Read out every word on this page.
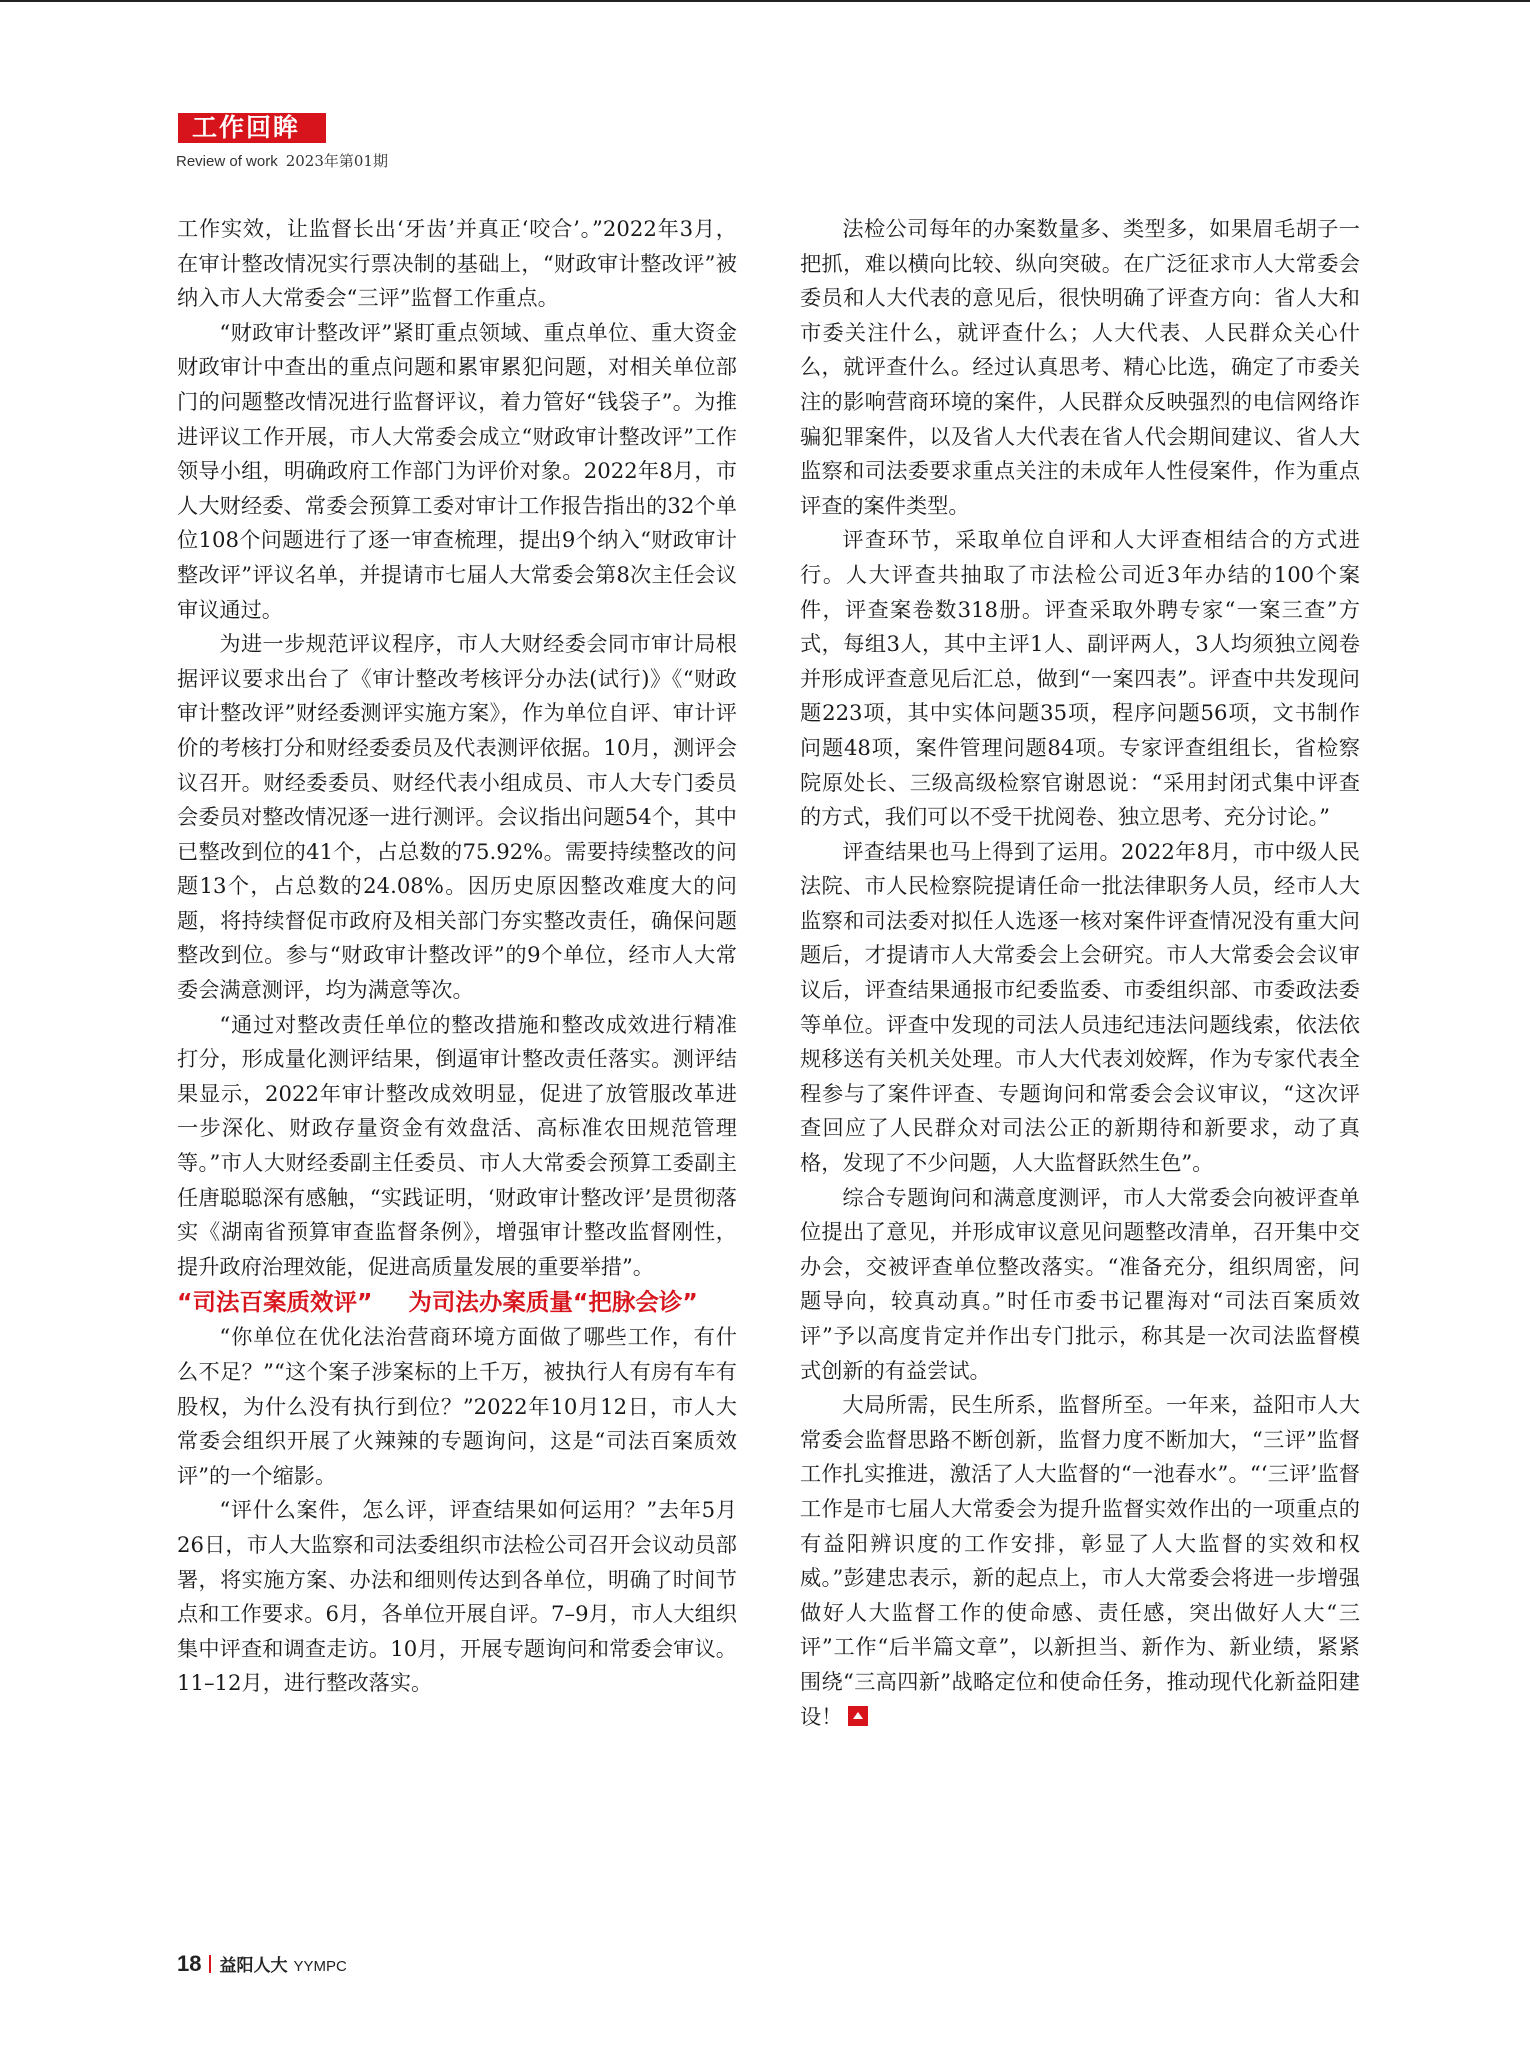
工作回眸
Review of work 2023年第01期

工作实效，让监督长出‘牙齿’并真正‘咬合’。”2022年3月，在审计整改情况实行票决制的基础上，“财政审计整改评”被纳入市人大常委会“三评”监督工作重点。

“财政审计整改评”紧盯重点领域、重点单位、重大资金财政审计中查出的重点问题和累审累犯问题，对相关单位部门的问题整改情况进行监督评议，着力管好“钱袋子”。为推进评议工作开展，市人大常委会成立“财政审计整改评”工作领导小组，明确政府工作部门为评价对象。2022年8月，市人大财经委、常委会预算工委对审计工作报告指出的32个单位108个问题进行了逐一审查梳理，提出9个纳入“财政审计整改评”评议名单，并提请市七届人大常委会第8次主任会议审议通过。

为进一步规范评议程序，市人大财经委会同市审计局根据评议要求出台了《审计整改考核评分办法(试行)》《“财政审计整改评”财经委测评实施方案》，作为单位自评、审计评价的考核打分和财经委委员及代表测评依据。10月，测评会议召开。财经委委员、财经代表小组成员、市人大专门委员会委员对整改情况逐一进行测评。会议指出问题54个，其中已整改到位的41个，占总数的75.92%。需要持续整改的问题13个，占总数的24.08%。因历史原因整改难度大的问题，将持续督促市政府及相关部门夯实整改责任，确保问题整改到位。参与“财政审计整改评”的9个单位，经市人大常委会满意测评，均为满意等次。

“通过对整改责任单位的整改措施和整改成效进行精准打分，形成量化测评结果，倒逼审计整改责任落实。测评结果显示，2022年审计整改成效明显，促进了放管服改革进一步深化、财政存量资金有效盘活、高标准农田规范管理等。”市人大财经委副主任委员、市人大常委会预算工委副主任唐聪聪深有感触，“实践证明，‘财政审计整改评’是贯彻落实《湖南省预算审查监督条例》，增强审计整改监督刚性，提升政府治理效能，促进高质量发展的重要举措”。

“司法百案质效评” 为司法办案质量“把脉会诊”

“你单位在优化法治营商环境方面做了哪些工作，有什么不足？”“这个案子涉案标的上千万，被执行人有房有车有股权，为什么没有执行到位？”2022年10月12日，市人大常委会组织开展了火辣辣的专题询问，这是“司法百案质效评”的一个缩影。

“评什么案件，怎么评，评查结果如何运用？”去年5月26日，市人大监察和司法委组织市法检公司召开会议动员部署，将实施方案、办法和细则传达到各单位，明确了时间节点和工作要求。6月，各单位开展自评。7–9月，市人大组织集中评查和调查走访。10月，开展专题询问和常委会审议。11–12月，进行整改落实。

法检公司每年的办案数量多、类型多，如果眉毛胡子一把抓，难以横向比较、纵向突破。在广泛征求市人大常委会委员和人大代表的意见后，很快明确了评查方向：省人大和市委关注什么，就评查什么；人大代表、人民群众关心什么，就评查什么。经过认真思考、精心比选，确定了市委关注的影响营商环境的案件，人民群众反映强烈的电信网络诈骗犯罪案件，以及省人大代表在省人代会期间建议、省人大监察和司法委要求重点关注的未成年人性侵案件，作为重点评查的案件类型。

评查环节，采取单位自评和人大评查相结合的方式进行。人大评查共抽取了市法检公司近3年办结的100个案件，评查案卷数318册。评查采取外聘专家“一案三查”方式，每组3人，其中主评1人、副评两人，3人均须独立阅卷并形成评查意见后汇总，做到“一案四表”。评查中共发现问题223项，其中实体问题35项，程序问题56项，文书制作问题48项，案件管理问题84项。专家评查组组长，省检察院原处长、三级高级检察官谢恩说：“采用封闭式集中评查的方式，我们可以不受干扰阅卷、独立思考、充分讨论。”

评查结果也马上得到了运用。2022年8月，市中级人民法院、市人民检察院提请任命一批法律职务人员，经市人大监察和司法委对拟任人选逐一核对案件评查情况没有重大问题后，才提请市人大常委会上会研究。市人大常委会会议审议后，评查结果通报市纪委监委、市委组织部、市委政法委等单位。评查中发现的司法人员违纪违法问题线索，依法依规移送有关机关处理。市人大代表刘姣辉，作为专家代表全程参与了案件评查、专题询问和常委会会议审议，“这次评查回应了人民群众对司法公正的新期待和新要求，动了真格，发现了不少问题，人大监督跃然生色”。

综合专题询问和满意度测评，市人大常委会向被评查单位提出了意见，并形成审议意见问题整改清单，召开集中交办会，交被评查单位整改落实。“准备充分，组织周密，问题导向，较真动真。”时任市委书记瞿海对“司法百案质效评”予以高度肯定并作出专门批示，称其是一次司法监督模式创新的有益尝试。

大局所需，民生所系，监督所至。一年来，益阳市人大常委会监督思路不断创新，监督力度不断加大，“三评”监督工作扎实推进，激活了人大监督的“一池春水”。“‘三评’监督工作是市七届人大常委会为提升监督实效作出的一项重点的有益阳辨识度的工作安排，彰显了人大监督的实效和权威。”彭建忠表示，新的起点上，市人大常委会将进一步增强做好人大监督工作的使命感、责任感，突出做好人大“三评”工作“后半篇文章”，以新担当、新作为、新业绩，紧紧围绕“三高四新”战略定位和使命任务，推动现代化新益阳建设！

18 益阳人大 YYMPC
